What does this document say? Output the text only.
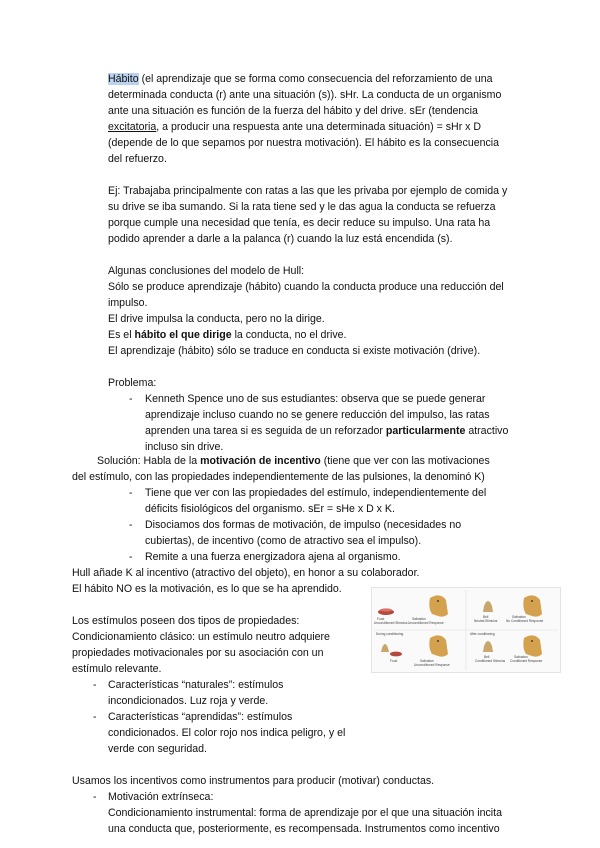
Hábito (el aprendizaje que se forma como consecuencia del reforzamiento de una
determinada conducta (r) ante una situación (s)). sHr. La conducta de un organismo
ante una situación es función de la fuerza del hábito y del drive. sEr (tendencia
excitatoria, a producir una respuesta ante una determinada situación) = sHr x D
(depende de lo que sepamos por nuestra motivación). El hábito es la consecuencia
del refuerzo.
Ej: Trabajaba principalmente con ratas a las que les privaba por ejemplo de comida y
su drive se iba sumando. Si la rata tiene sed y le das agua la conducta se refuerza
porque cumple una necesidad que tenía, es decir reduce su impulso. Una rata ha
podido aprender a darle a la palanca (r) cuando la luz está encendida (s).
Algunas conclusiones del modelo de Hull:
Sólo se produce aprendizaje (hábito) cuando la conducta produce una reducción del
impulso.
El drive impulsa la conducta, pero no la dirige.
Es el hábito el que dirige la conducta, no el drive.
El aprendizaje (hábito) sólo se traduce en conducta si existe motivación (drive).
Problema:
- Kenneth Spence uno de sus estudiantes: observa que se puede generar
aprendizaje incluso cuando no se genere reducción del impulso, las ratas
aprenden una tarea si es seguida de un reforzador particularmente atractivo
incluso sin drive.
Solución: Habla de la motivación de incentivo (tiene que ver con las motivaciones
del estímulo, con las propiedades independientemente de las pulsiones, la denominó K)
- Tiene que ver con las propiedades del estímulo, independientemente del
déficits fisiológicos del organismo. sEr = sHe x D x K.
- Disociamos dos formas de motivación, de impulso (necesidades no
cubiertas), de incentivo (como de atractivo sea el impulso).
- Remite a una fuerza energizadora ajena al organismo.
Hull añade K al incentivo (atractivo del objeto), en honor a su colaborador.
El hábito NO es la motivación, es lo que se ha aprendido.
Los estímulos poseen dos tipos de propiedades:
Condicionamiento clásico: un estímulo neutro adquiere
propiedades motivacionales por su asociación con un
estímulo relevante.
- Características “naturales”: estímulos
incondicionados. Luz roja y verde.
- Características “aprendidas”: estímulos
condicionados. El color rojo nos indica peligro, y el
verde con seguridad.
Food
Unconditioned Stimulus
Salivation
Unconditioned Response
Bell
Neutral Stimulus
Salivation
No Conditioned Response
During conditioning
Food	Salivation
Unconditioned Response
After conditioning
Bell
Conditioned Stimulus
Salivation
Conditioned Response
Usamos los incentivos como instrumentos para producir (motivar) conductas.
- Motivación extrínseca:
Condicionamiento instrumental: forma de aprendizaje por el que una situación incita
una conducta que, posteriormente, es recompensada. Instrumentos como incentivo
